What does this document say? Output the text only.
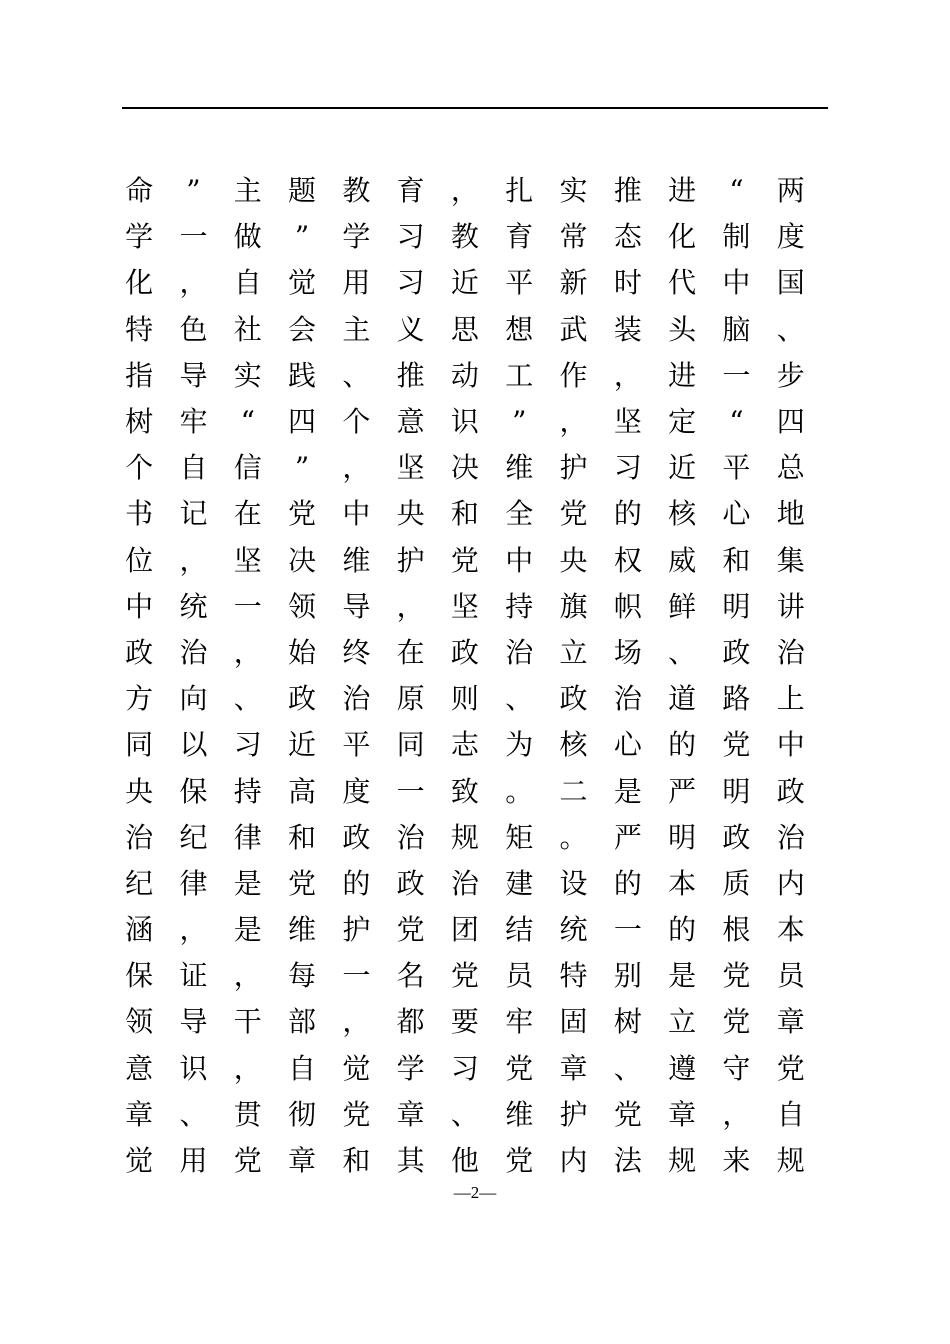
命	”	主 题 教 育 ， 扎 实 推 进	“	两
学 一 做	”	学 习 教 育 常 态 化 制 度
化 ， 自 觉 用 习 近 平 新 时 代 中 国
特 色 社 会 主 义 思 想 武 装 头 脑 、
指 导 实 践 、 推 动 工 作 ， 进 一 步
树 牢	“	四 个 意 识	”	， 坚 定	“	四
个 自 信	”	， 坚 决 维 护 习 近 平 总
书 记 在 党 中 央 和 全 党 的 核 心 地
位 ， 坚 决 维 护 党 中 央 权 威 和 集
中 统 一 领 导 ， 坚 持 旗 帜 鲜 明 讲
政 治 ， 始 终 在 政 治 立 场 、 政 治
方 向 、 政 治 原 则 、 政 治 道 路 上
同 以 习 近 平 同 志 为 核 心 的 党 中
央 保 持 高 度 一 致 。 二 是 严 明 政
治 纪 律 和 政 治 规 矩 。 严 明 政 治
纪 律 是 党 的 政 治 建 设 的 本 质 内
涵 ， 是 维 护 党 团 结 统 一 的 根 本
保 证 ， 每 一 名 党 员 特 别 是 党 员
领 导 干 部 ， 都 要 牢 固 树 立 党 章
意 识 ， 自 觉 学 习 党 章 、 遵 守 党
章 、 贯 彻 党 章 、 维 护 党 章 ， 自
觉 用 党 章 和 其 他 党 内 法 规 来 规
—2—
